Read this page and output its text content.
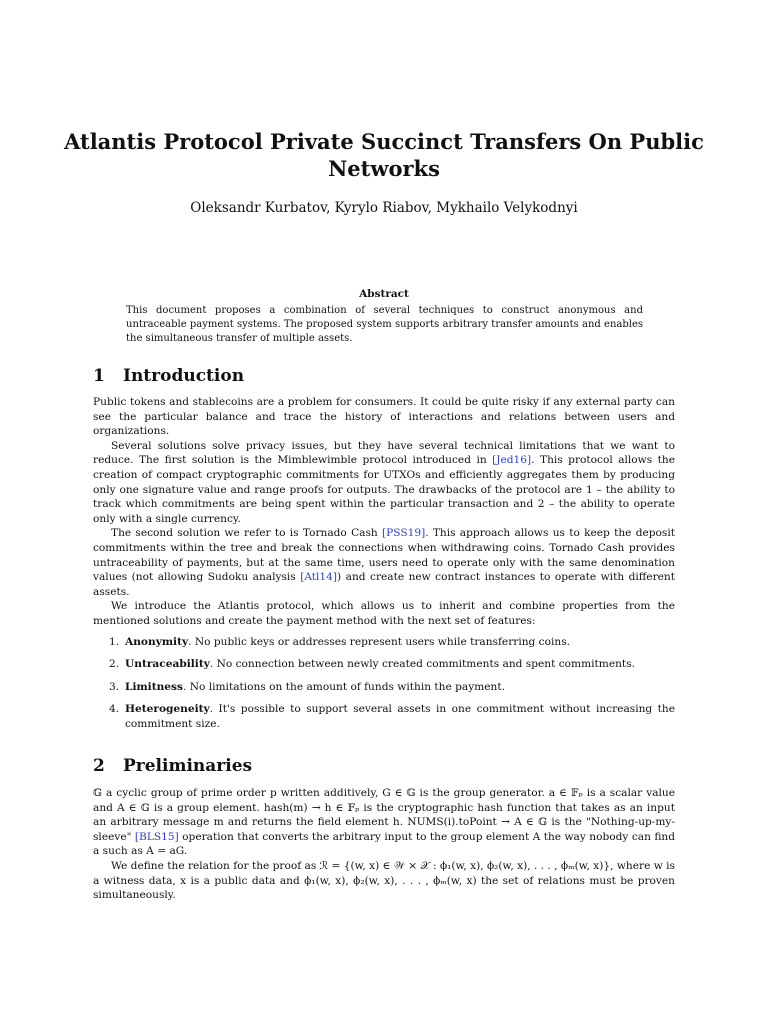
Atlantis Protocol Private Succinct Transfers On Public Networks
Oleksandr Kurbatov, Kyrylo Riabov, Mykhailo Velykodnyi
Abstract
This document proposes a combination of several techniques to construct anonymous and untraceable payment systems. The proposed system supports arbitrary transfer amounts and enables the simultaneous transfer of multiple assets.
1 Introduction

Public tokens and stablecoins are a problem for consumers. It could be quite risky if any external party can see the particular balance and trace the history of interactions and relations between users and organizations.

Several solutions solve privacy issues, but they have several technical limitations that we want to reduce. The first solution is the Mimblewimble protocol introduced in [Jed16]. This protocol allows the creation of compact cryptographic commitments for UTXOs and efficiently aggregates them by producing only one signature value and range proofs for outputs. The drawbacks of the protocol are 1 – the ability to track which commitments are being spent within the particular transaction and 2 – the ability to operate only with a single currency.

The second solution we refer to is Tornado Cash [PSS19]. This approach allows us to keep the deposit commitments within the tree and break the connections when withdrawing coins. Tornado Cash provides untraceability of payments, but at the same time, users need to operate only with the same denomination values (not allowing Sudoku analysis [Atl14]) and create new contract instances to operate with different assets.

We introduce the Atlantis protocol, which allows us to inherit and combine properties from the mentioned solutions and create the payment method with the next set of features:

1. Anonymity. No public keys or addresses represent users while transferring coins.
2. Untraceability. No connection between newly created commitments and spent commitments.
3. Limitness. No limitations on the amount of funds within the payment.
4. Heterogeneity. It's possible to support several assets in one commitment without increasing the commitment size.
2 Preliminaries

𝔾 a cyclic group of prime order p written additively, G ∈ 𝔾 is the group generator. a ∈ 𝔽ₚ is a scalar value and A ∈ 𝔾 is a group element. hash(m) → h ∈ 𝔽ₚ is the cryptographic hash function that takes as an input an arbitrary message m and returns the field element h. NUMS(i).toPoint → A ∈ 𝔾 is the "Nothing-up-my-sleeve" [BLS15] operation that converts the arbitrary input to the group element A the way nobody can find a such as A = aG.

We define the relation for the proof as ℛ = {(w, x) ∈ 𝒲 × 𝒳 : ϕ₁(w, x), ϕ₂(w, x), . . . , ϕₘ(w, x)}, where w is a witness data, x is a public data and ϕ₁(w, x), ϕ₂(w, x), . . . , ϕₘ(w, x) the set of relations must be proven simultaneously.
